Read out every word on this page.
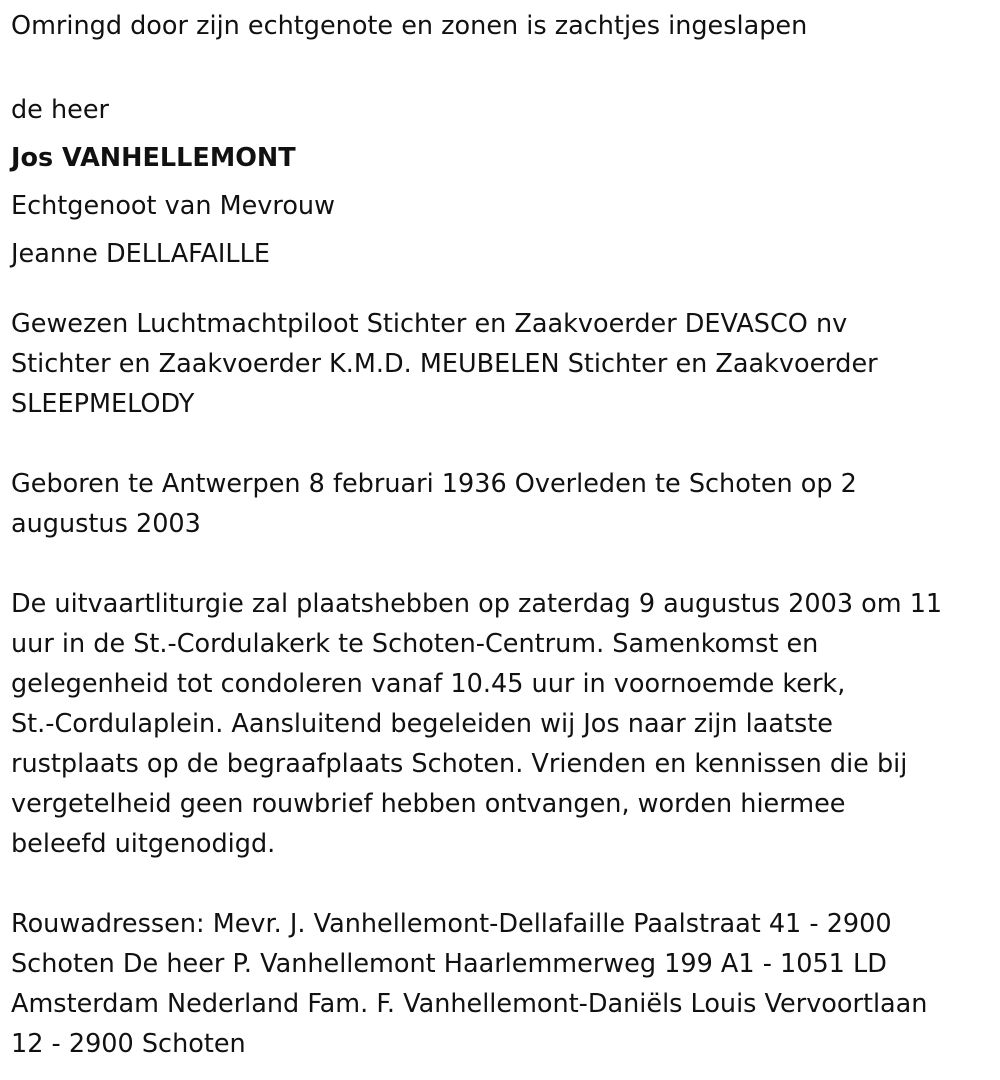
Omringd door zijn echtgenote en zonen is zachtjes ingeslapen

de heer

Jos VANHELLEMONT

Echtgenoot van Mevrouw

Jeanne DELLAFAILLE

Gewezen Luchtmachtpiloot Stichter en Zaakvoerder DEVASCO nv

Stichter en Zaakvoerder K.M.D. MEUBELEN Stichter en Zaakvoerder

SLEEPMELODY

Geboren te Antwerpen 8 februari 1936 Overleden te Schoten op 2

augustus 2003

De uitvaartliturgie zal plaatshebben op zaterdag 9 augustus 2003 om 11

uur in de St.-Cordulakerk te Schoten-Centrum. Samenkomst en

gelegenheid tot condoleren vanaf 10.45 uur in voornoemde kerk,

St.-Cordulaplein. Aansluitend begeleiden wij Jos naar zijn laatste

rustplaats op de begraafplaats Schoten. Vrienden en kennissen die bij

vergetelheid geen rouwbrief hebben ontvangen, worden hiermee

beleefd uitgenodigd.

Rouwadressen: Mevr. J. Vanhellemont-Dellafaille Paalstraat 41 - 2900

Schoten De heer P. Vanhellemont Haarlemmerweg 199 A1 - 1051 LD

Amsterdam Nederland Fam. F. Vanhellemont-Daniëls Louis Vervoortlaan

12 - 2900 Schoten
